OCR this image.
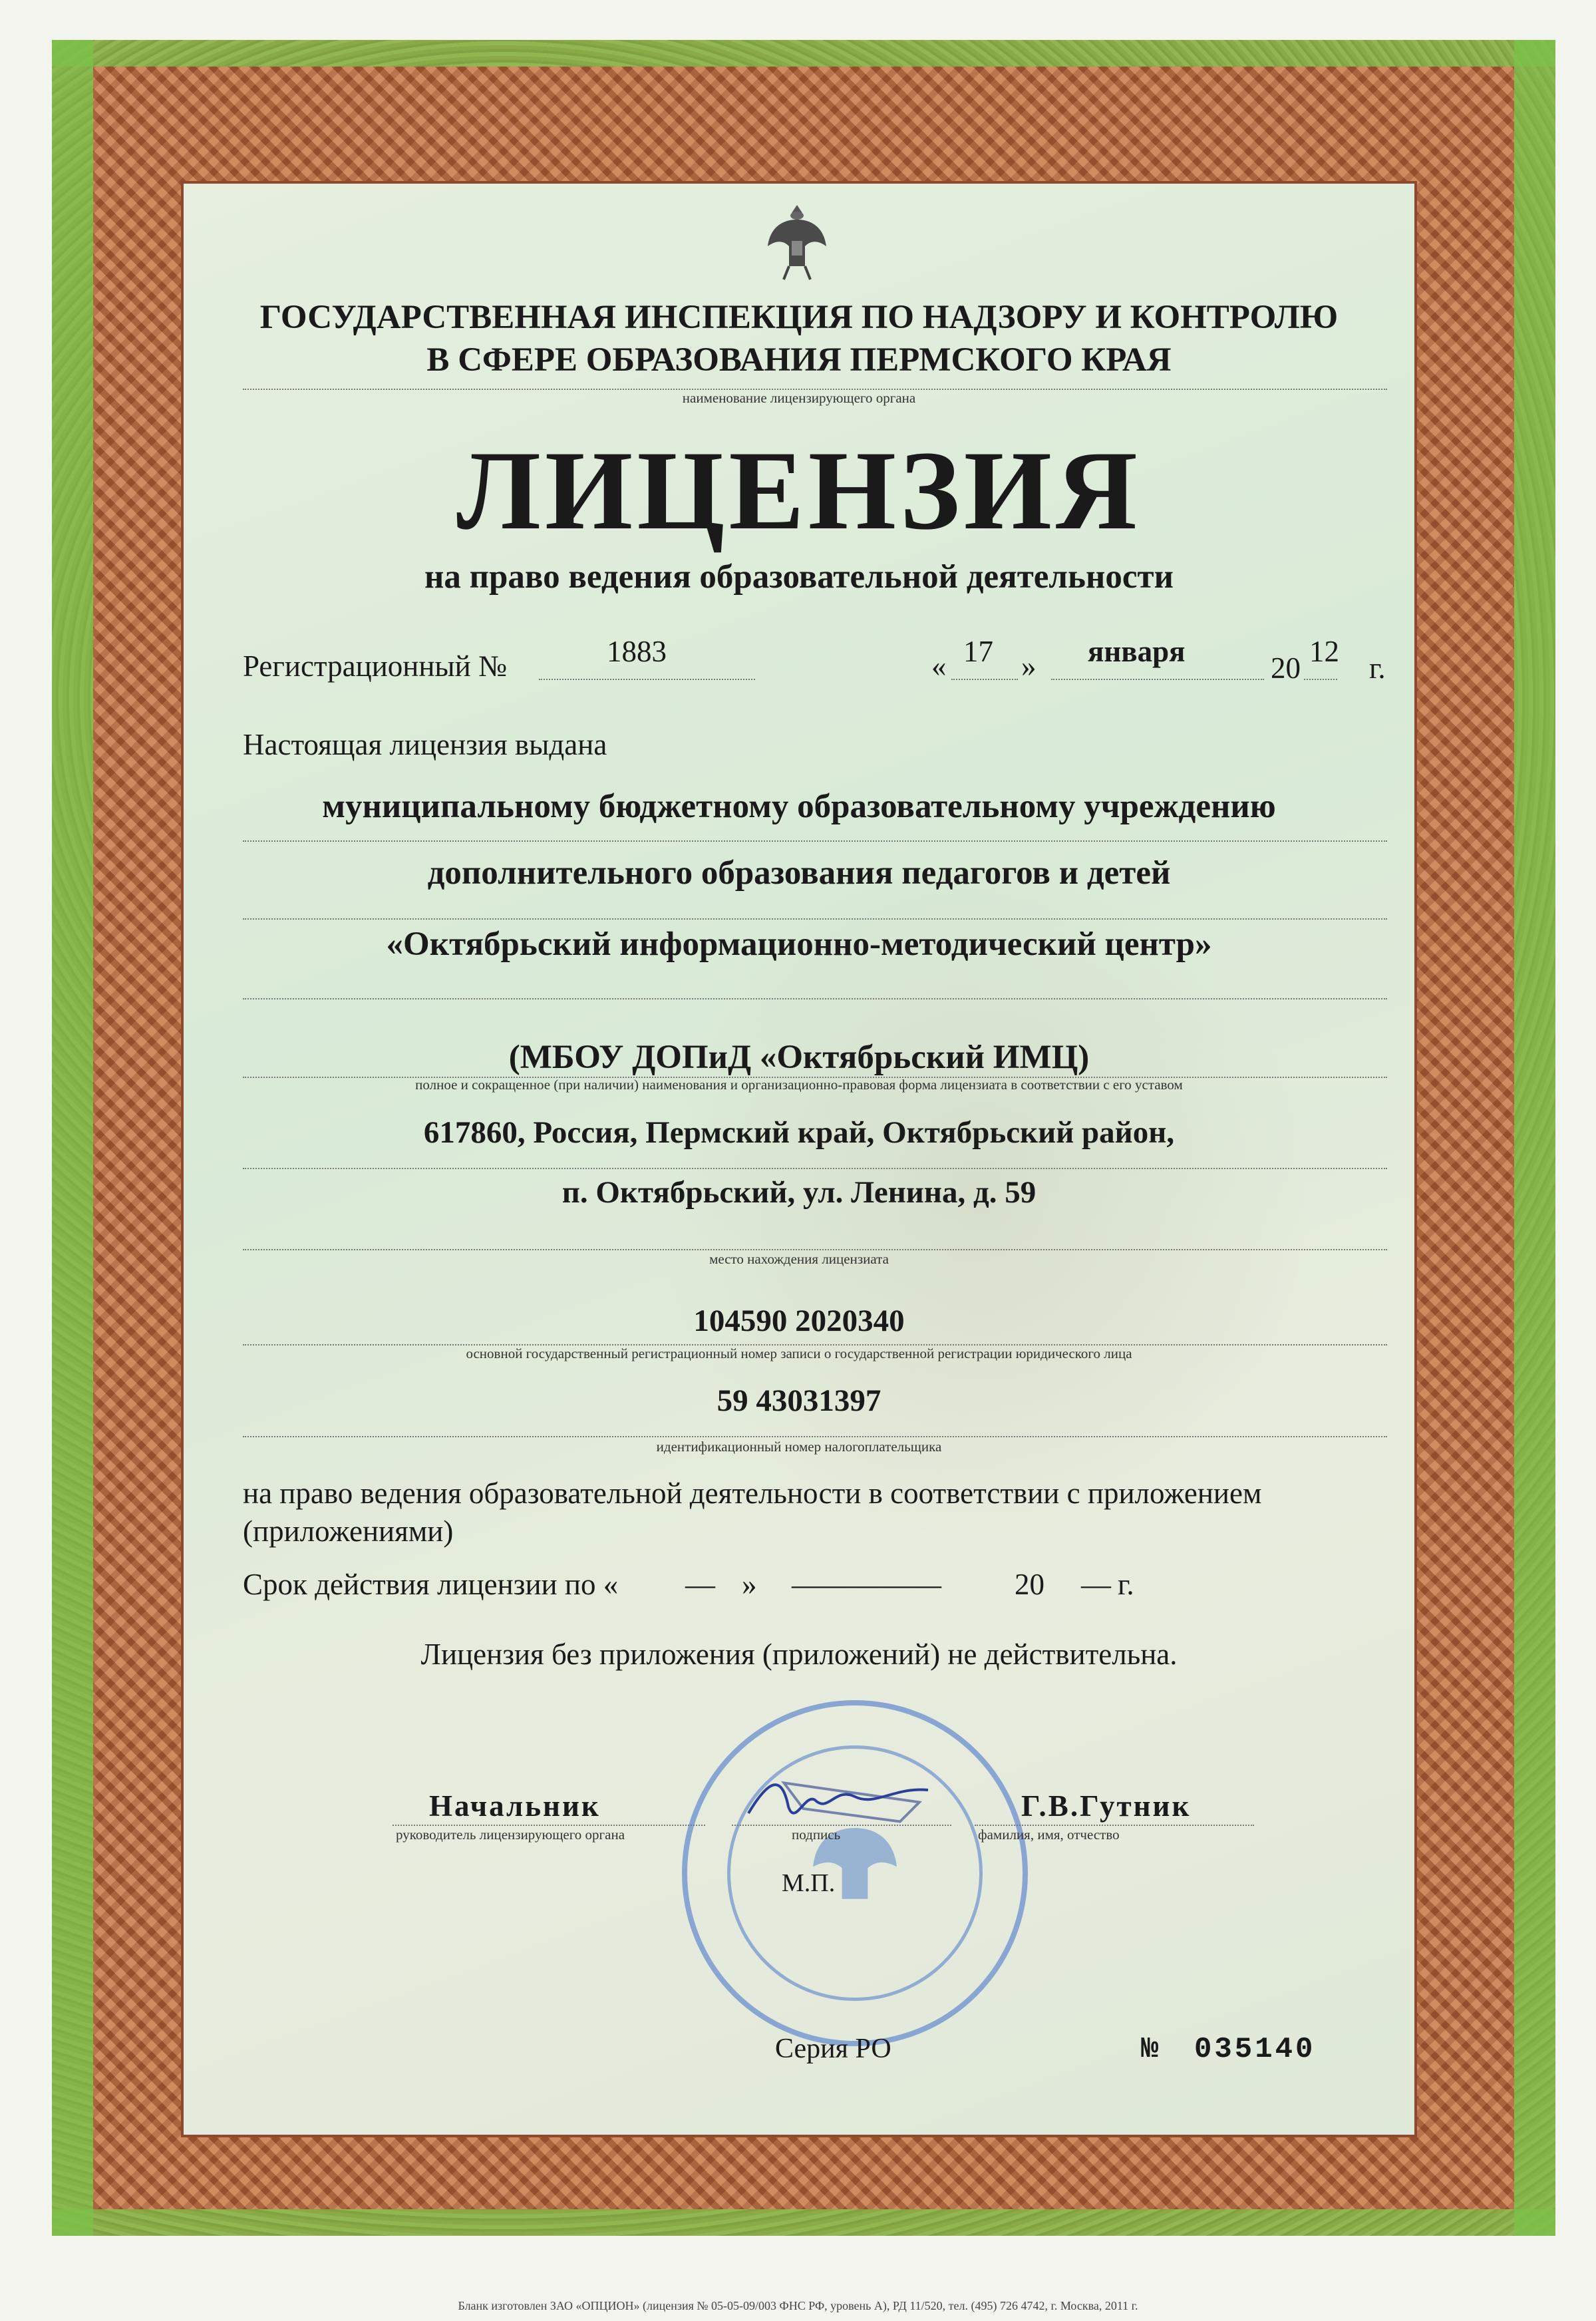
ГОСУДАРСТВЕННАЯ ИНСПЕКЦИЯ ПО НАДЗОРУ И КОНТРОЛЮ
В СФЕРЕ ОБРАЗОВАНИЯ ПЕРМСКОГО КРАЯ
наименование лицензирующего органа
ЛИЦЕНЗИЯ
на право ведения образовательной деятельности
Регистрационный №	1883	« 17 » января	20 12 г.
Настоящая лицензия выдана
муниципальному бюджетному образовательному учреждению
дополнительного образования педагогов и детей
«Октябрьский информационно-методический центр»
(МБОУ ДОПиД «Октябрьский ИМЦ)
полное и сокращенное (при наличии) наименования и организационно-правовая форма лицензиата в соответствии с его уставом
617860, Россия, Пермский край, Октябрьский район,
п. Октябрьский, ул. Ленина, д. 59
место нахождения лицензиата
104590 2020340
основной государственный регистрационный номер записи о государственной регистрации юридического лица
59 43031397
идентификационный номер налогоплательщика
на право ведения образовательной деятельности в соответствии с приложением
(приложениями)
Срок действия лицензии по « — » ————— 20 — г.
Лицензия без приложения (приложений) не действительна.
Начальник
руководитель лицензирующего органа	подпись
Г.В.Гутник
фамилия, имя, отчество
М.П.
Серия РО	№ 035140
Бланк изготовлен ЗАО «ОПЦИОН» (лицензия № 05-05-09/003 ФНС РФ, уровень А), РД 11/520, тел. (495) 726 4742, г. Москва, 2011 г.
